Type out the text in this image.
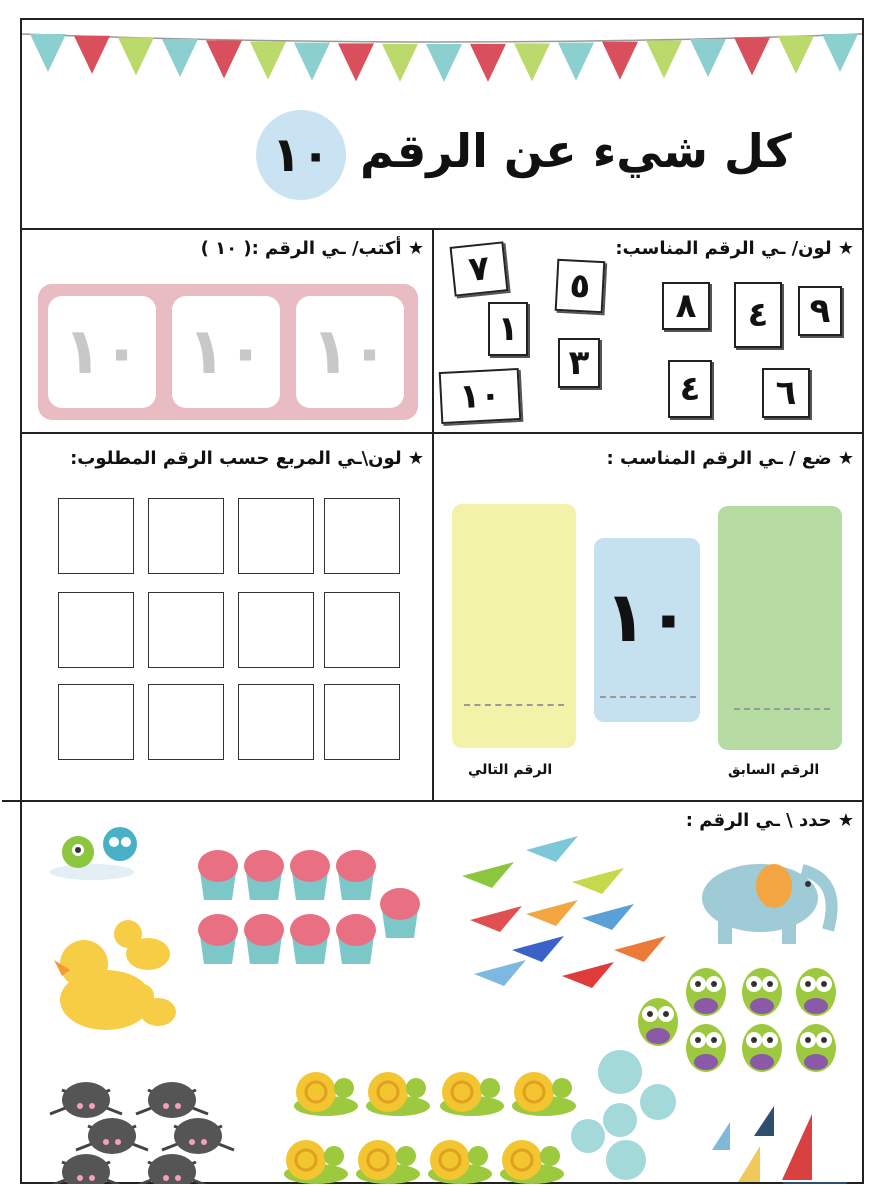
كل شيء عن الرقم
١٠
★ أكتب/ ـي الرقم :( ١٠ )
١٠ ١٠ ١٠
★ لون/ ـي الرقم المناسب:
٧ ٥ ٨ ٤ ٩
١
٣
١٠	٤ ٦
★ لون\ـي المربع حسب الرقم المطلوب:	★ ضع / ـي الرقم المناسب :
١٠
الرقم التالي	الرقم السابق
★ حدد \ ـي الرقم :
